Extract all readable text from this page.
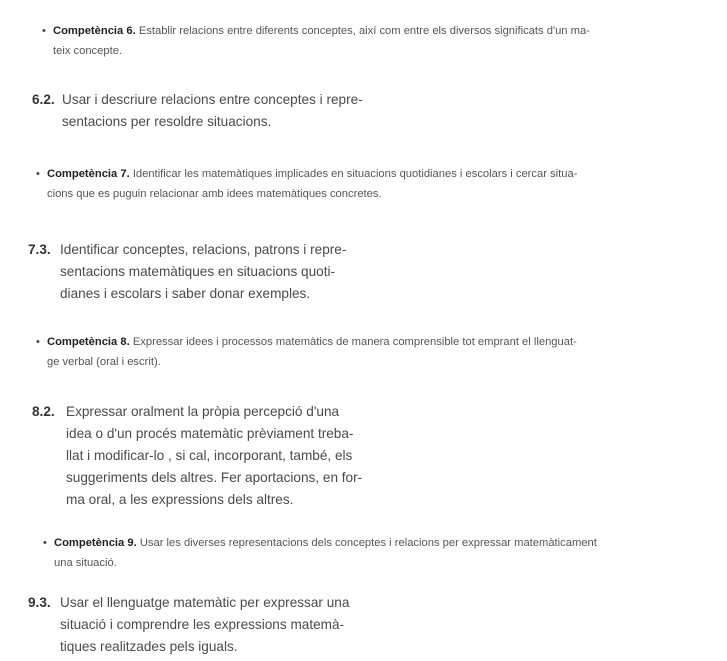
• Competència 6. Establir relacions entre diferents conceptes, així com entre els diversos significats d'un ma-
teix concepte.
6.2. Usar i descriure relacions entre conceptes i repre-
sentacions per resoldre situacions.
• Competència 7. Identificar les matemàtiques implicades en situacions quotidianes i escolars i cercar situa-
cions que es puguin relacionar amb idees matemàtiques concretes.
7.3. Identificar conceptes, relacions, patrons i repre-
sentacions matemàtiques en situacions quoti-
dianes i escolars i saber donar exemples.
• Competència 8. Expressar idees i processos matemàtics de manera comprensible tot emprant el llenguat-
ge verbal (oral i escrit).
8.2. Expressar oralment la pròpia percepció d'una
idea o d'un procés matemàtic prèviament treba-
llat i modificar-lo , si cal, incorporant, també, els
suggeriments dels altres. Fer aportacions, en for-
ma oral, a les expressions dels altres.
• Competència 9. Usar les diverses representacions dels conceptes i relacions per expressar matemàticament
una situació.
9.3. Usar el llenguatge matemàtic per expressar una
situació i comprendre les expressions matemà-
tiques realitzades pels iguals.
